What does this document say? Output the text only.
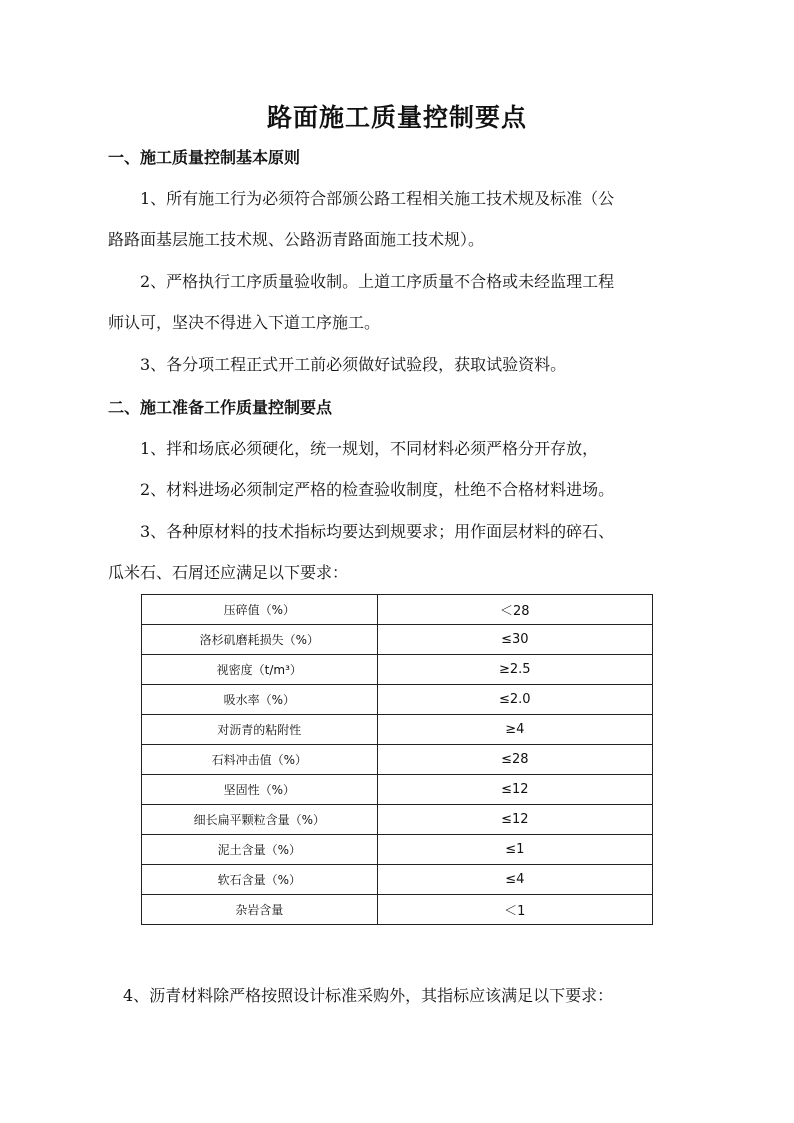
路面施工质量控制要点
一、施工质量控制基本原则
1、所有施工行为必须符合部颁公路工程相关施工技术规及标准（公
路路面基层施工技术规、公路沥青路面施工技术规）。
2、严格执行工序质量验收制。上道工序质量不合格或未经监理工程
师认可，坚决不得进入下道工序施工。
3、各分项工程正式开工前必须做好试验段，获取试验资料。
二、施工准备工作质量控制要点
1、拌和场底必须硬化，统一规划，不同材料必须严格分开存放，
2、材料进场必须制定严格的检查验收制度，杜绝不合格材料进场。
3、各种原材料的技术指标均要达到规要求；用作面层材料的碎石、
瓜米石、石屑还应满足以下要求：
压碎值（%）	＜28
洛杉矶磨耗损失（%）	≤30
视密度（t/m³）	≥2.5
吸水率（%）	≤2.0
对沥青的粘附性	≥4
石料冲击值（%）	≤28
坚固性（%）	≤12
细长扁平颗粒含量（%）	≤12
泥土含量（%）	≤1
软石含量（%）	≤4
杂岩含量	＜1
4、沥青材料除严格按照设计标准采购外，其指标应该满足以下要求：
